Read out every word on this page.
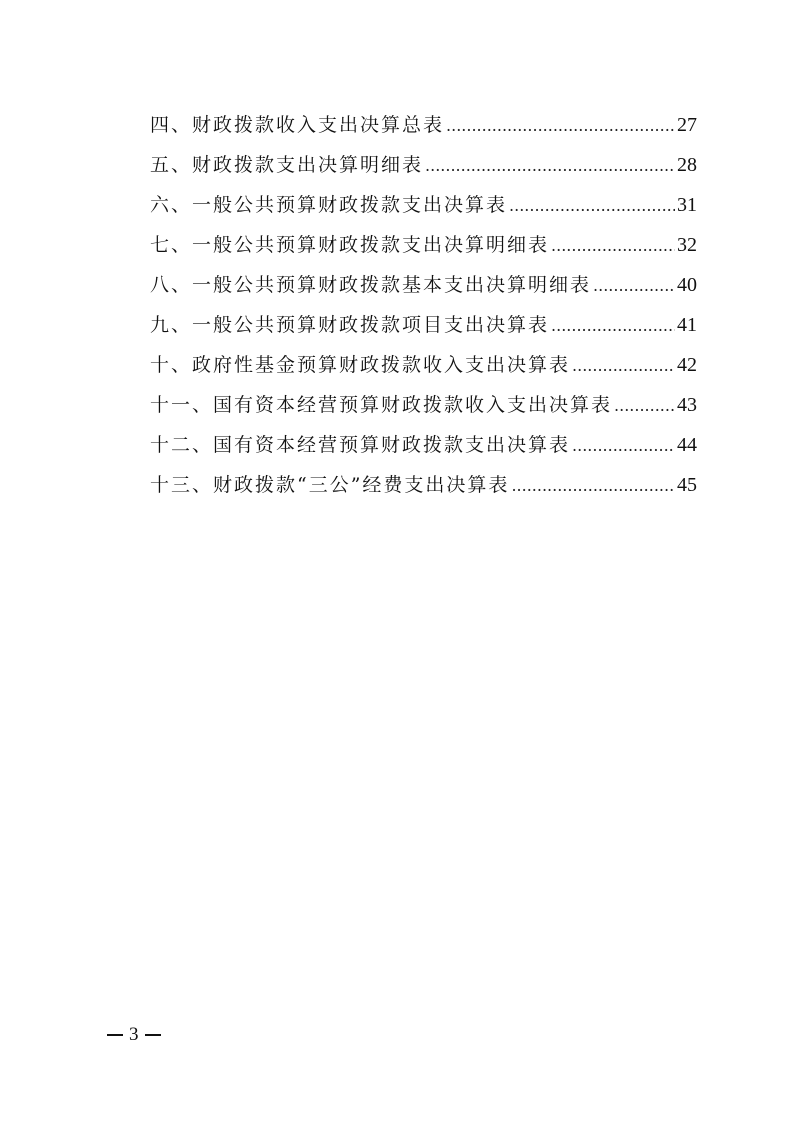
四、财政拨款收入支出决算总表 .....	27
五、财政拨款支出决算明细表 .....	28
六、一般公共预算财政拨款支出决算表 .....	31
七、一般公共预算财政拨款支出决算明细表 .....	32
八、一般公共预算财政拨款基本支出决算明细表 .....	40
九、一般公共预算财政拨款项目支出决算表 .....	41
十、政府性基金预算财政拨款收入支出决算表 .....	42
十一、国有资本经营预算财政拨款收入支出决算表 .....	43
十二、国有资本经营预算财政拨款支出决算表 .....	44
十三、财政拨款“三公”经费支出决算表 .....	45
3
